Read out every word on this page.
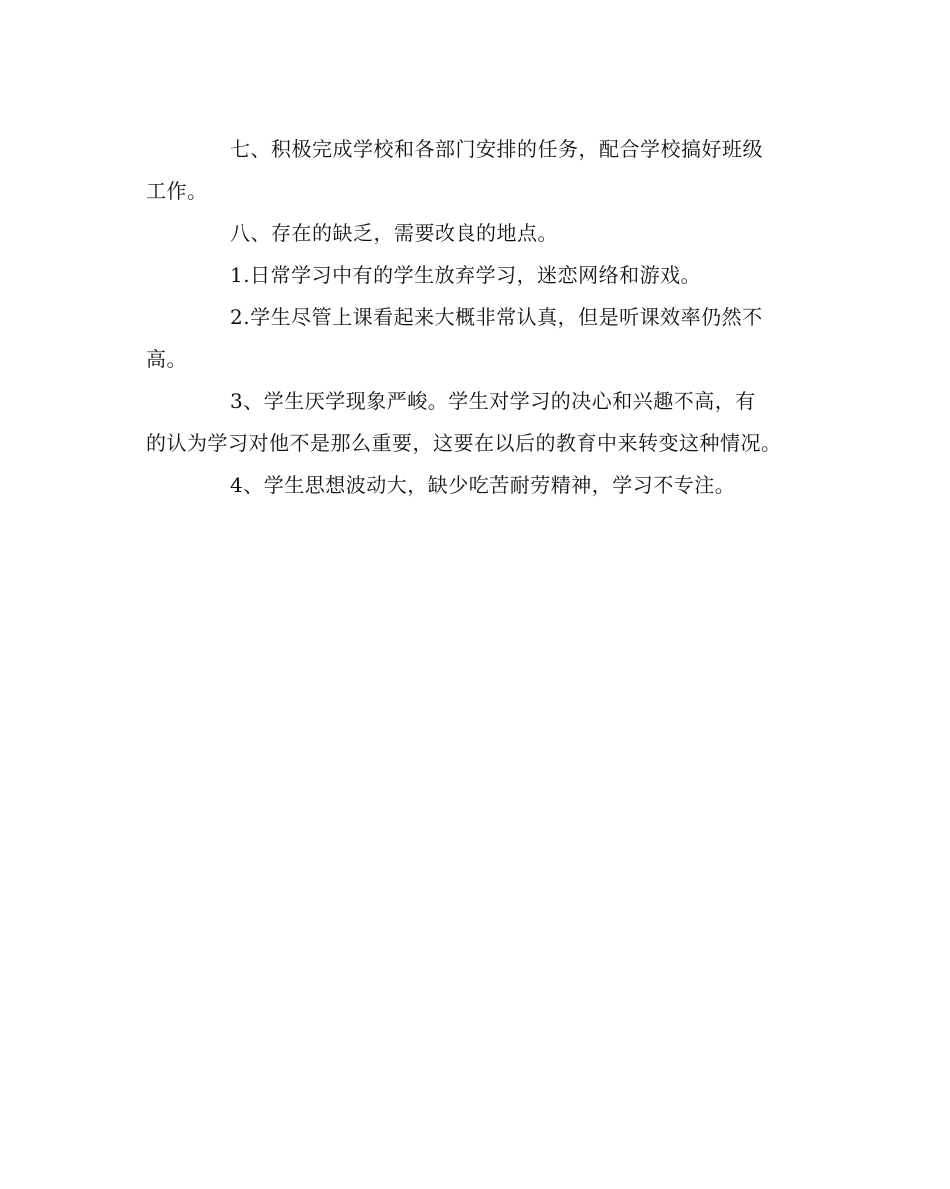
七、积极完成学校和各部门安排的任务，配合学校搞好班级
工作。

八、存在的缺乏，需要改良的地点。

1.日常学习中有的学生放弃学习，迷恋网络和游戏。

2.学生尽管上课看起来大概非常认真，但是听课效率仍然不
高。

3、学生厌学现象严峻。学生对学习的决心和兴趣不高，有
的认为学习对他不是那么重要，这要在以后的教育中来转变这种情况。

4、学生思想波动大，缺少吃苦耐劳精神，学习不专注。
